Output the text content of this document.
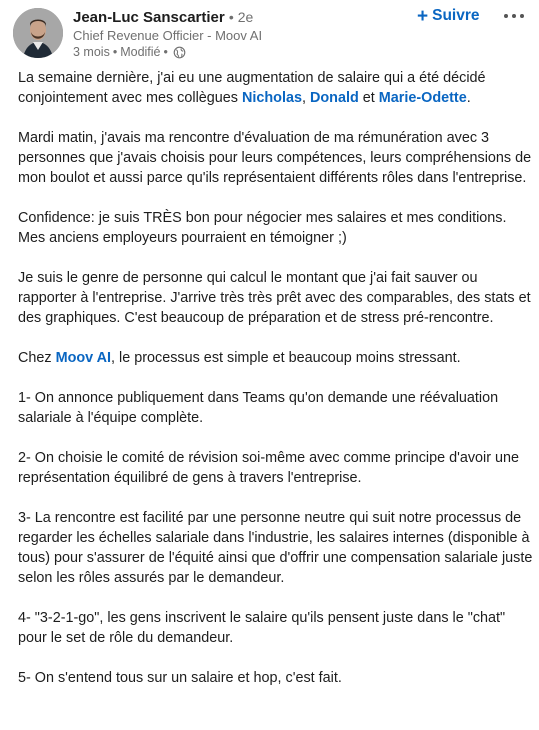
Jean-Luc Sanscartier • 2e
Chief Revenue Officier - Moov AI
3 mois • Modifié •
+ Suivre

La semaine dernière, j'ai eu une augmentation de salaire qui a été décidé conjointement avec mes collègues Nicholas, Donald et Marie-Odette.

Mardi matin, j'avais ma rencontre d'évaluation de ma rémunération avec 3 personnes que j'avais choisis pour leurs compétences, leurs compréhensions de mon boulot et aussi parce qu'ils représentaient différents rôles dans l'entreprise.

Confidence: je suis TRÈS bon pour négocier mes salaires et mes conditions. Mes anciens employeurs pourraient en témoigner ;)

Je suis le genre de personne qui calcul le montant que j'ai fait sauver ou rapporter à l'entreprise. J'arrive très très prêt avec des comparables, des stats et des graphiques. C'est beaucoup de préparation et de stress pré-rencontre.

Chez Moov AI, le processus est simple et beaucoup moins stressant.

1- On annonce publiquement dans Teams qu'on demande une réévaluation salariale à l'équipe complète.

2- On choisie le comité de révision soi-même avec comme principe d'avoir une représentation équilibré de gens à travers l'entreprise.

3- La rencontre est facilité par une personne neutre qui suit notre processus de regarder les échelles salariale dans l'industrie, les salaires internes (disponible à tous) pour s'assurer de l'équité ainsi que d'offrir une compensation salariale juste selon les rôles assurés par le demandeur.

4- "3-2-1-go", les gens inscrivent le salaire qu'ils pensent juste dans le "chat" pour le set de rôle du demandeur.

5- On s'entend tous sur un salaire et hop, c'est fait.
